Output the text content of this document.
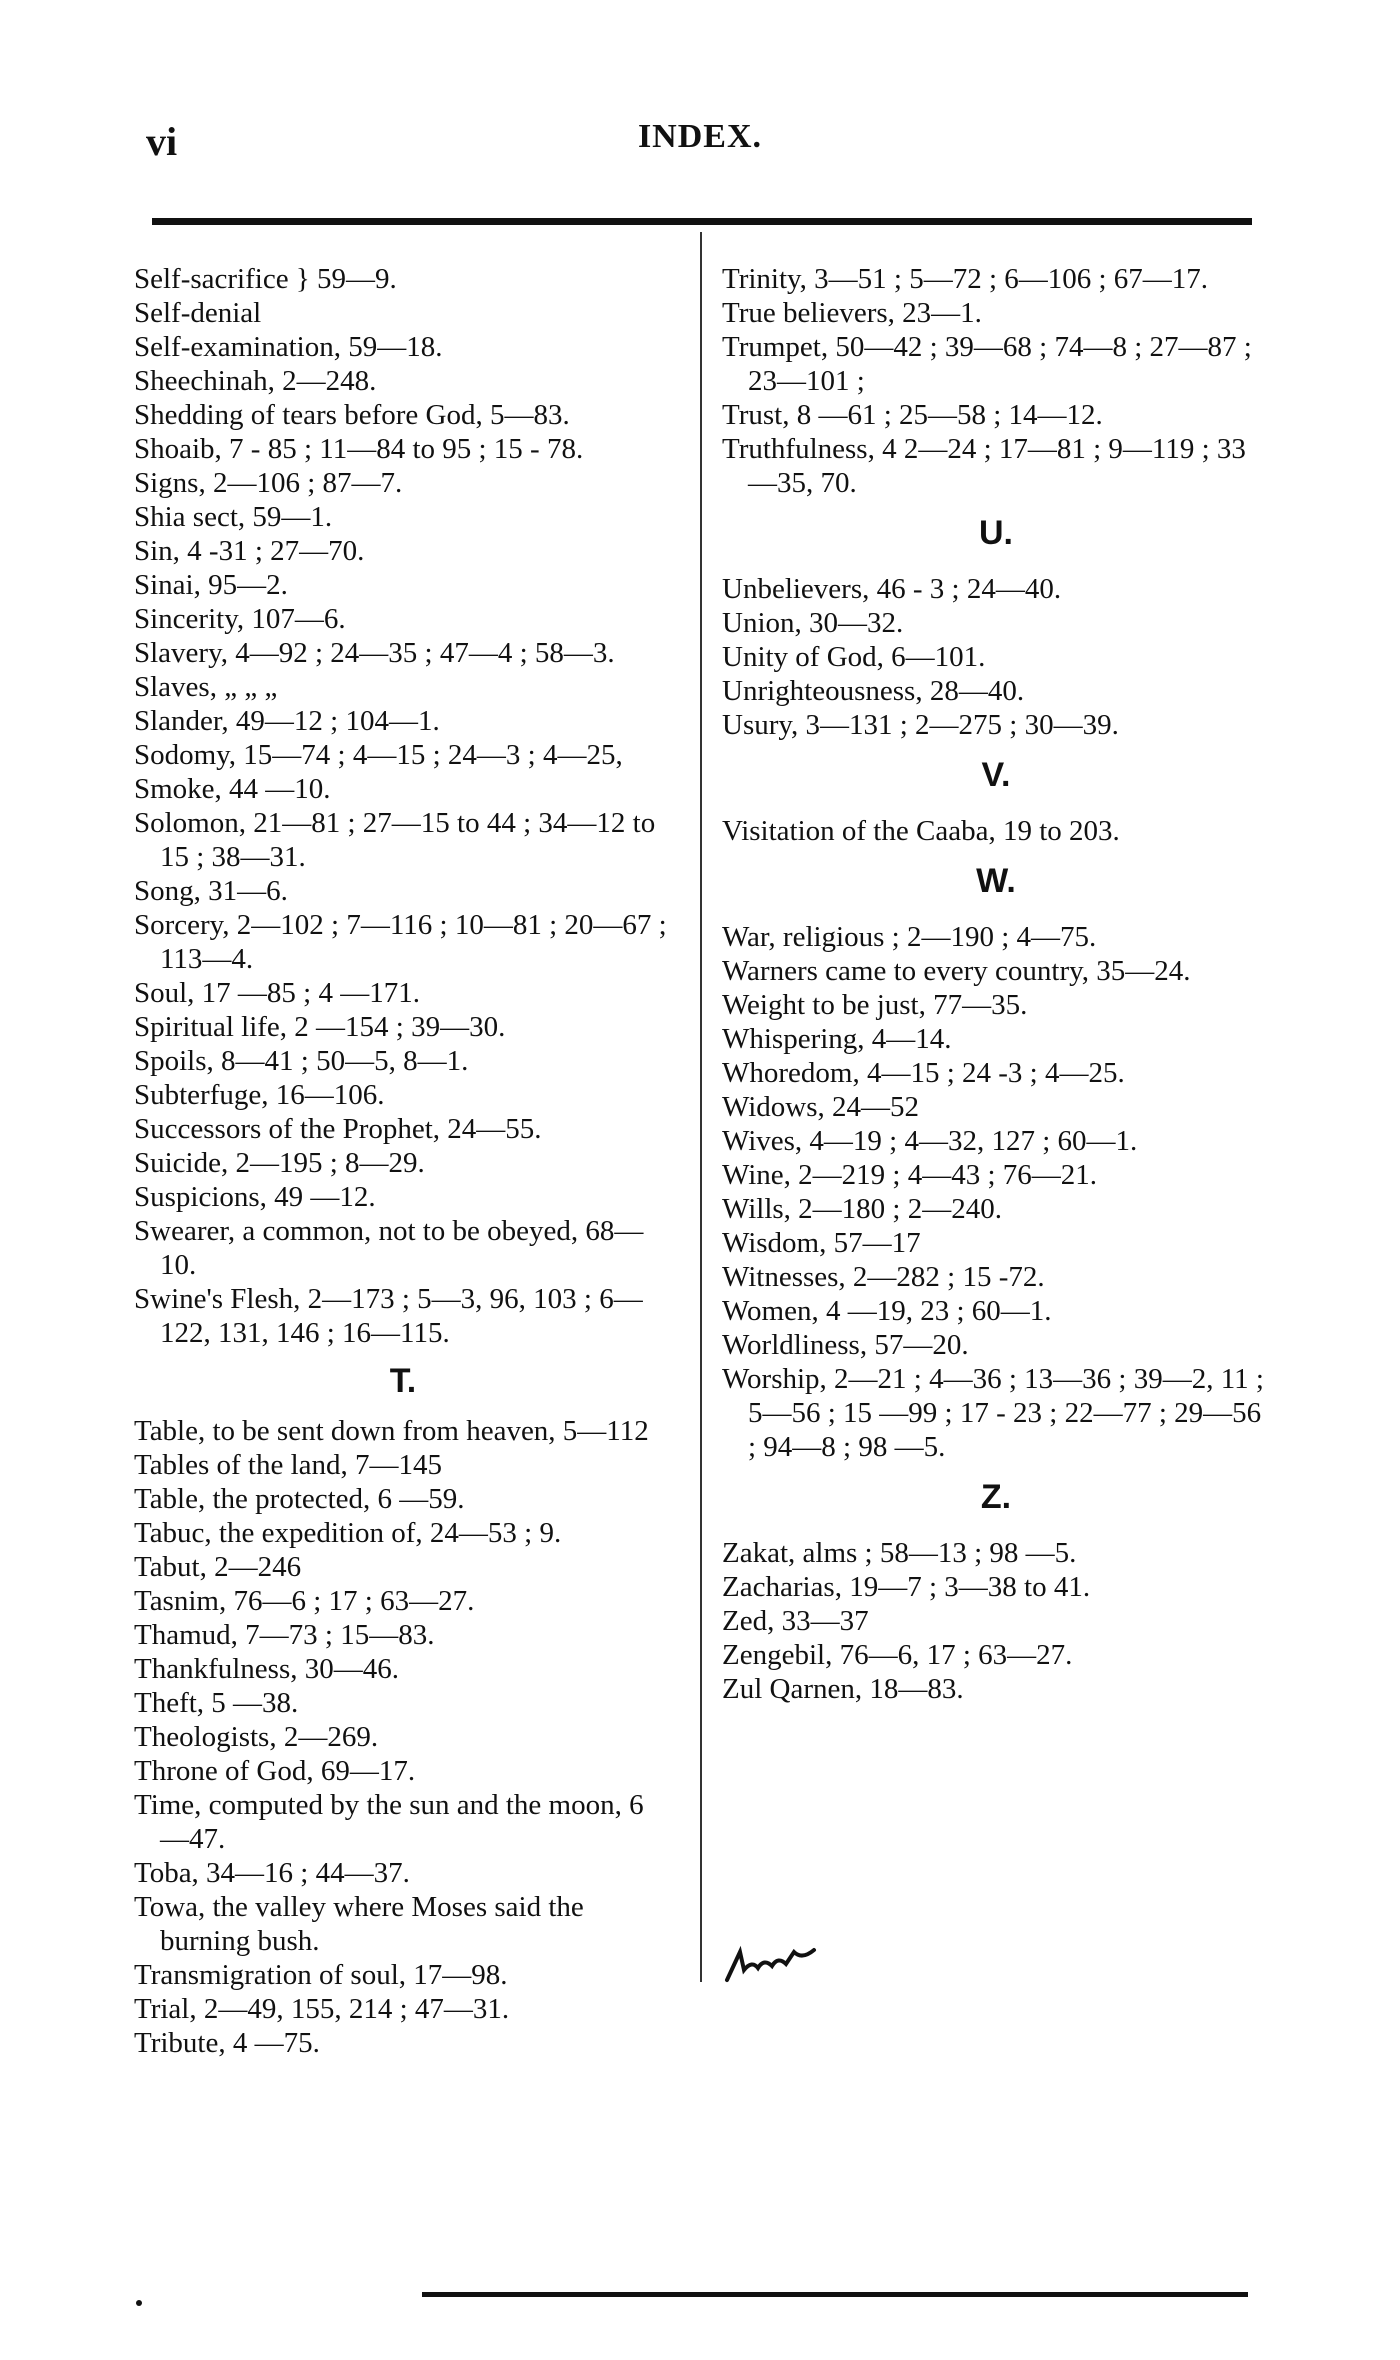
vi	INDEX.

Self-sacrifice } 59—9.

Self-denial

Self-examination, 59—18.

Sheechinah, 2—248.

Shedding of tears before God, 5—83.

Shoaib, 7 - 85 ; 11—84 to 95 ; 15 - 78.

Signs, 2—106 ; 87—7.

Shia sect, 59—1.

Sin, 4 -31 ; 27—70.

Sinai, 95—2.

Sincerity, 107—6.

Slavery, 4—92 ; 24—35 ; 47—4 ; 58—3.

Slaves, „ „ „

Slander, 49—12 ; 104—1.

Sodomy, 15—74 ; 4—15 ; 24—3 ; 4—25,

Smoke, 44 —10.

Solomon, 21—81 ; 27—15 to 44 ; 34—12 to 15 ; 38—31.

Song, 31—6.

Sorcery, 2—102 ; 7—116 ; 10—81 ; 20—67 ; 113—4.

Soul, 17 —85 ; 4 —171.

Spiritual life, 2 —154 ; 39—30.

Spoils, 8—41 ; 50—5, 8—1.

Subterfuge, 16—106.

Successors of the Prophet, 24—55.

Suicide, 2—195 ; 8—29.

Suspicions, 49 —12.

Swearer, a common, not to be obeyed, 68—10.

Swine's Flesh, 2—173 ; 5—3, 96, 103 ; 6—122, 131, 146 ; 16—115.

T.

Table, to be sent down from heaven, 5—112

Tables of the land, 7—145

Table, the protected, 6 —59.

Tabuc, the expedition of, 24—53 ; 9.

Tabut, 2—246

Tasnim, 76—6 ; 17 ; 63—27.

Thamud, 7—73 ; 15—83.

Thankfulness, 30—46.

Theft, 5 —38.

Theologists, 2—269.

Throne of God, 69—17.

Time, computed by the sun and the moon, 6—47.

Toba, 34—16 ; 44—37.

Towa, the valley where Moses said the burning bush.

Transmigration of soul, 17—98.

Trial, 2—49, 155, 214 ; 47—31.

Tribute, 4 —75.

Trinity, 3—51 ; 5—72 ; 6—106 ; 67—17.

True believers, 23—1.

Trumpet, 50—42 ; 39—68 ; 74—8 ; 27—87 ; 23—101 ;

Trust, 8 —61 ; 25—58 ; 14—12.

Truthfulness, 4 2—24 ; 17—81 ; 9—119 ; 33—35, 70.

U.

Unbelievers, 46 - 3 ; 24—40.

Union, 30—32.

Unity of God, 6—101.

Unrighteousness, 28—40.

Usury, 3—131 ; 2—275 ; 30—39.

V.

Visitation of the Caaba, 19 to 203.

W.

War, religious ; 2—190 ; 4—75.

Warners came to every country, 35—24.

Weight to be just, 77—35.

Whispering, 4—14.

Whoredom, 4—15 ; 24 -3 ; 4—25.

Widows, 24—52

Wives, 4—19 ; 4—32, 127 ; 60—1.

Wine, 2—219 ; 4—43 ; 76—21.

Wills, 2—180 ; 2—240.

Wisdom, 57—17

Witnesses, 2—282 ; 15 -72.

Women, 4 —19, 23 ; 60—1.

Worldliness, 57—20.

Worship, 2—21 ; 4—36 ; 13—36 ; 39—2, 11 ; 5—56 ; 15 —99 ; 17 - 23 ; 22—77 ; 29—56 ; 94—8 ; 98 —5.

Z.

Zakat, alms ; 58—13 ; 98 —5.

Zacharias, 19—7 ; 3—38 to 41.

Zed, 33—37

Zengebil, 76—6, 17 ; 63—27.

Zul Qarnen, 18—83.
